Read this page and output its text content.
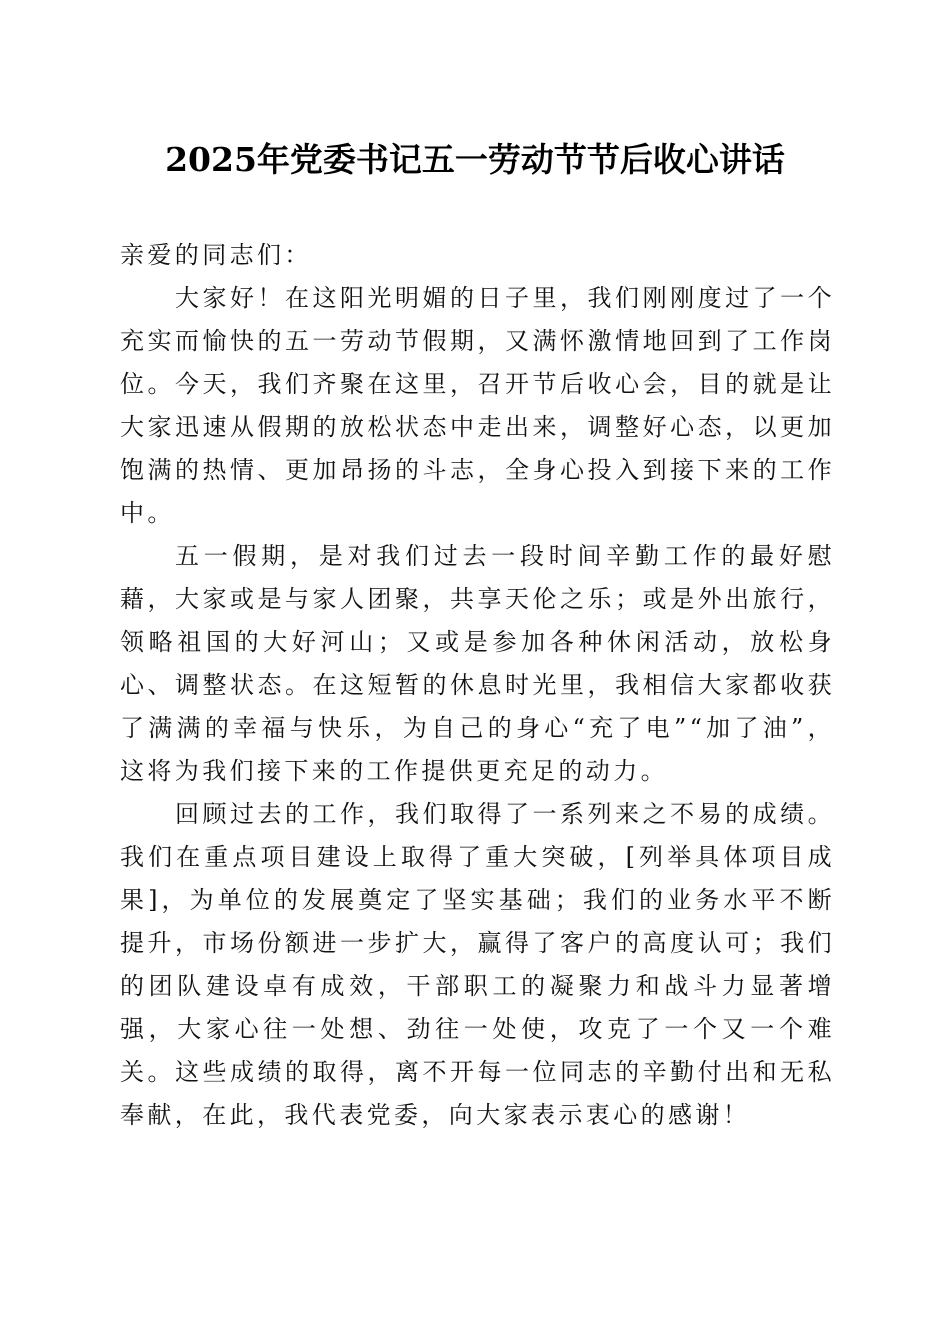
2025年党委书记五一劳动节节后收心讲话

亲爱的同志们：

大家好！在这阳光明媚的日子里，我们刚刚度过了一个充实而愉快的五一劳动节假期，又满怀激情地回到了工作岗位。今天，我们齐聚在这里，召开节后收心会，目的就是让大家迅速从假期的放松状态中走出来，调整好心态，以更加饱满的热情、更加昂扬的斗志，全身心投入到接下来的工作中。

五一假期，是对我们过去一段时间辛勤工作的最好慰藉，大家或是与家人团聚，共享天伦之乐；或是外出旅行，领略祖国的大好河山；又或是参加各种休闲活动，放松身心、调整状态。在这短暂的休息时光里，我相信大家都收获了满满的幸福与快乐，为自己的身心“充了电”“加了油”，这将为我们接下来的工作提供更充足的动力。

回顾过去的工作，我们取得了一系列来之不易的成绩。我们在重点项目建设上取得了重大突破，[列举具体项目成果]，为单位的发展奠定了坚实基础；我们的业务水平不断提升，市场份额进一步扩大，赢得了客户的高度认可；我们的团队建设卓有成效，干部职工的凝聚力和战斗力显著增强，大家心往一处想、劲往一处使，攻克了一个又一个难关。这些成绩的取得，离不开每一位同志的辛勤付出和无私奉献，在此，我代表党委，向大家表示衷心的感谢！
